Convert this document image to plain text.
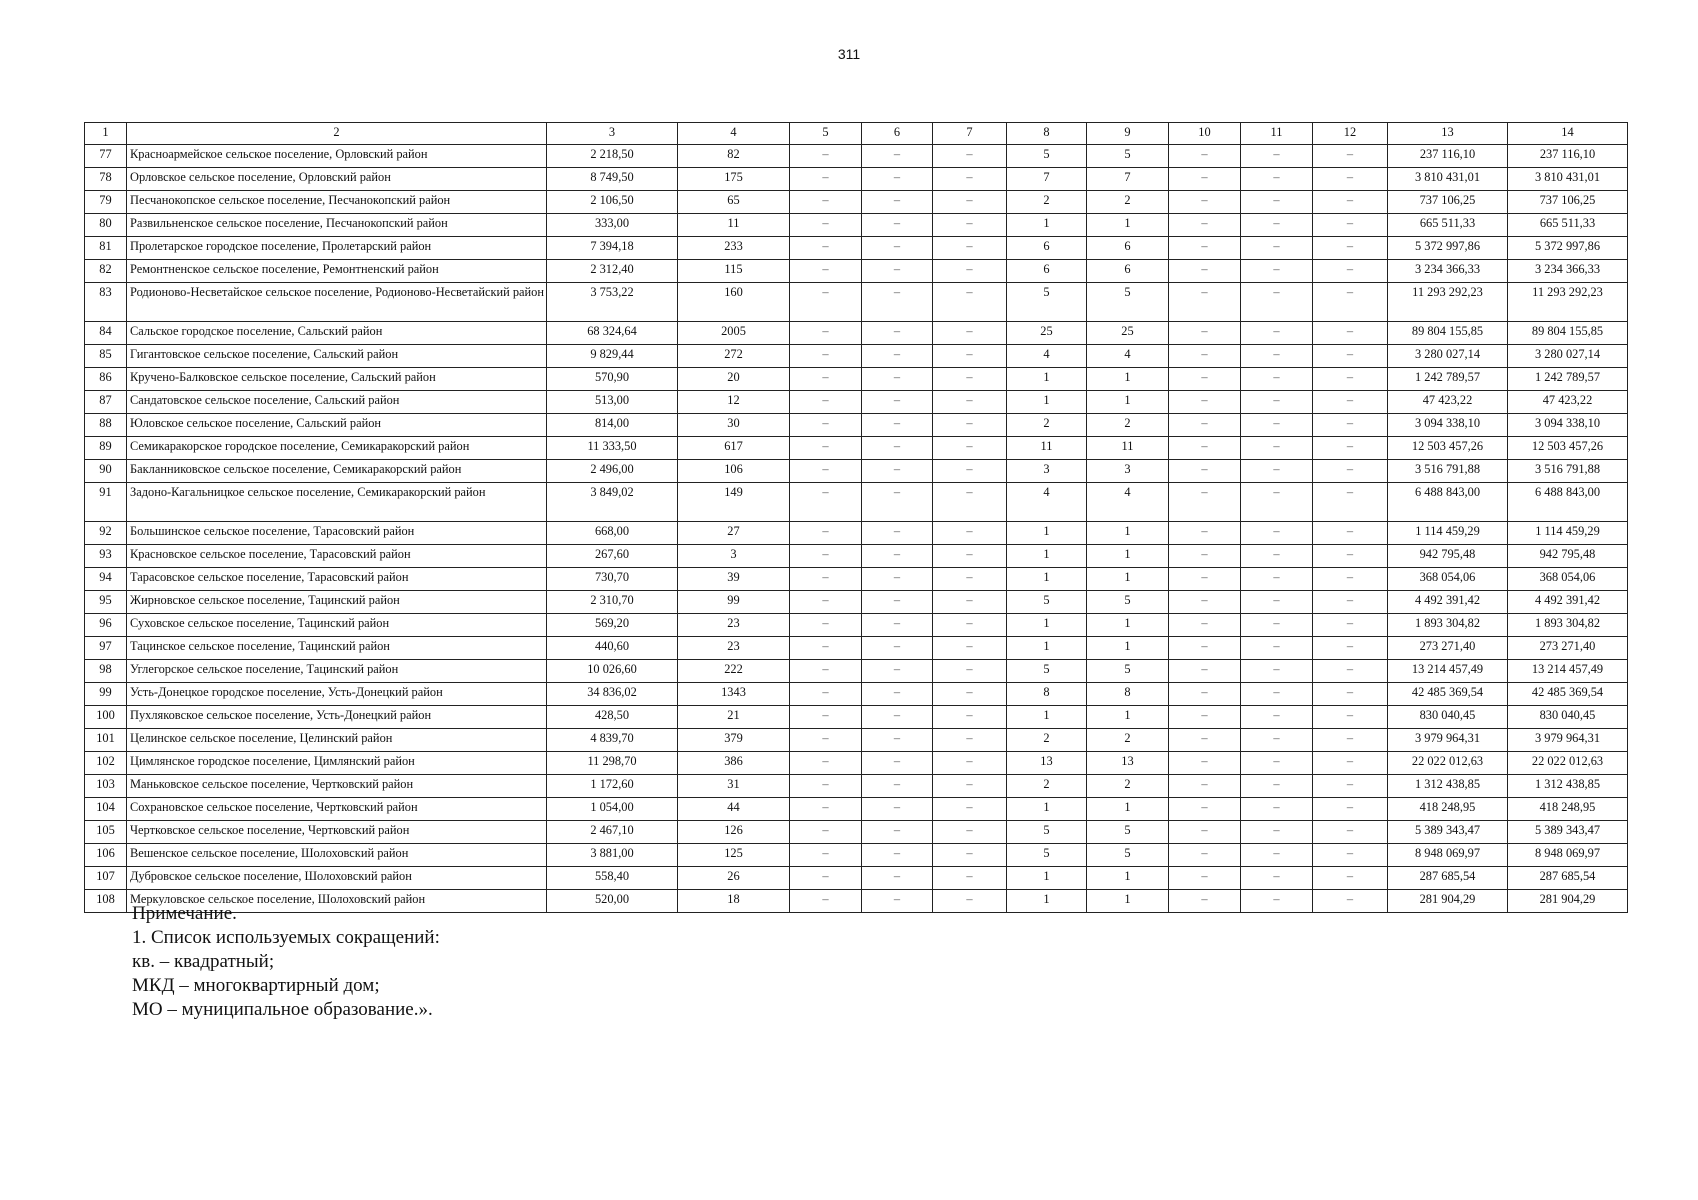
311
1	2	3	4	5	6	7	8	9	10	11	12	13	14
77	Красноармейское сельское поселение, Орловский район	2 218,50	82	–	–	–	5	5	–	–	–	237 116,10	237 116,10
78	Орловское сельское поселение, Орловский район	8 749,50	175	–	–	–	7	7	–	–	–	3 810 431,01	3 810 431,01
79	Песчанокопское сельское поселение, Песчанокопский район	2 106,50	65	–	–	–	2	2	–	–	–	737 106,25	737 106,25
80	Развильненское сельское поселение, Песчанокопский район	333,00	11	–	–	–	1	1	–	–	–	665 511,33	665 511,33
81	Пролетарское городское поселение, Пролетарский район	7 394,18	233	–	–	–	6	6	–	–	–	5 372 997,86	5 372 997,86
82	Ремонтненское сельское поселение, Ремонтненский район	2 312,40	115	–	–	–	6	6	–	–	–	3 234 366,33	3 234 366,33
83	Родионово-Несветайское сельское поселение, Родионово-Несветайский район	3 753,22	160	–	–	–	5	5	–	–	–	11 293 292,23	11 293 292,23
84	Сальское городское поселение, Сальский район	68 324,64	2005	–	–	–	25	25	–	–	–	89 804 155,85	89 804 155,85
85	Гигантовское сельское поселение, Сальский район	9 829,44	272	–	–	–	4	4	–	–	–	3 280 027,14	3 280 027,14
86	Кручено-Балковское сельское поселение, Сальский район	570,90	20	–	–	–	1	1	–	–	–	1 242 789,57	1 242 789,57
87	Сандатовское сельское поселение, Сальский район	513,00	12	–	–	–	1	1	–	–	–	47 423,22	47 423,22
88	Юловское сельское поселение, Сальский район	814,00	30	–	–	–	2	2	–	–	–	3 094 338,10	3 094 338,10
89	Семикаракорское городское поселение, Семикаракорский район	11 333,50	617	–	–	–	11	11	–	–	–	12 503 457,26	12 503 457,26
90	Бакланниковское сельское поселение, Семикаракорский район	2 496,00	106	–	–	–	3	3	–	–	–	3 516 791,88	3 516 791,88
91	Задоно-Кагальницкое сельское поселение, Семикаракорский район	3 849,02	149	–	–	–	4	4	–	–	–	6 488 843,00	6 488 843,00
92	Большинское сельское поселение, Тарасовский район	668,00	27	–	–	–	1	1	–	–	–	1 114 459,29	1 114 459,29
93	Красновское сельское поселение, Тарасовский район	267,60	3	–	–	–	1	1	–	–	–	942 795,48	942 795,48
94	Тарасовское сельское поселение, Тарасовский район	730,70	39	–	–	–	1	1	–	–	–	368 054,06	368 054,06
95	Жирновское сельское поселение, Тацинский район	2 310,70	99	–	–	–	5	5	–	–	–	4 492 391,42	4 492 391,42
96	Суховское сельское поселение, Тацинский район	569,20	23	–	–	–	1	1	–	–	–	1 893 304,82	1 893 304,82
97	Тацинское сельское поселение, Тацинский район	440,60	23	–	–	–	1	1	–	–	–	273 271,40	273 271,40
98	Углегорское сельское поселение, Тацинский район	10 026,60	222	–	–	–	5	5	–	–	–	13 214 457,49	13 214 457,49
99	Усть-Донецкое городское поселение, Усть-Донецкий район	34 836,02	1343	–	–	–	8	8	–	–	–	42 485 369,54	42 485 369,54
100	Пухляковское сельское поселение, Усть-Донецкий район	428,50	21	–	–	–	1	1	–	–	–	830 040,45	830 040,45
101	Целинское сельское поселение, Целинский район	4 839,70	379	–	–	–	2	2	–	–	–	3 979 964,31	3 979 964,31
102	Цимлянское городское поселение, Цимлянский район	11 298,70	386	–	–	–	13	13	–	–	–	22 022 012,63	22 022 012,63
103	Маньковское сельское поселение, Чертковский район	1 172,60	31	–	–	–	2	2	–	–	–	1 312 438,85	1 312 438,85
104	Сохрановское сельское поселение, Чертковский район	1 054,00	44	–	–	–	1	1	–	–	–	418 248,95	418 248,95
105	Чертковское сельское поселение, Чертковский район	2 467,10	126	–	–	–	5	5	–	–	–	5 389 343,47	5 389 343,47
106	Вешенское сельское поселение, Шолоховский район	3 881,00	125	–	–	–	5	5	–	–	–	8 948 069,97	8 948 069,97
107	Дубровское сельское поселение, Шолоховский район	558,40	26	–	–	–	1	1	–	–	–	287 685,54	287 685,54
108	Меркуловское сельское поселение, Шолоховский район	520,00	18	–	–	–	1	1	–	–	–	281 904,29	281 904,29
Примечание.
1. Список используемых сокращений:
кв. – квадратный;
МКД – многоквартирный дом;
МО – муниципальное образование.».
